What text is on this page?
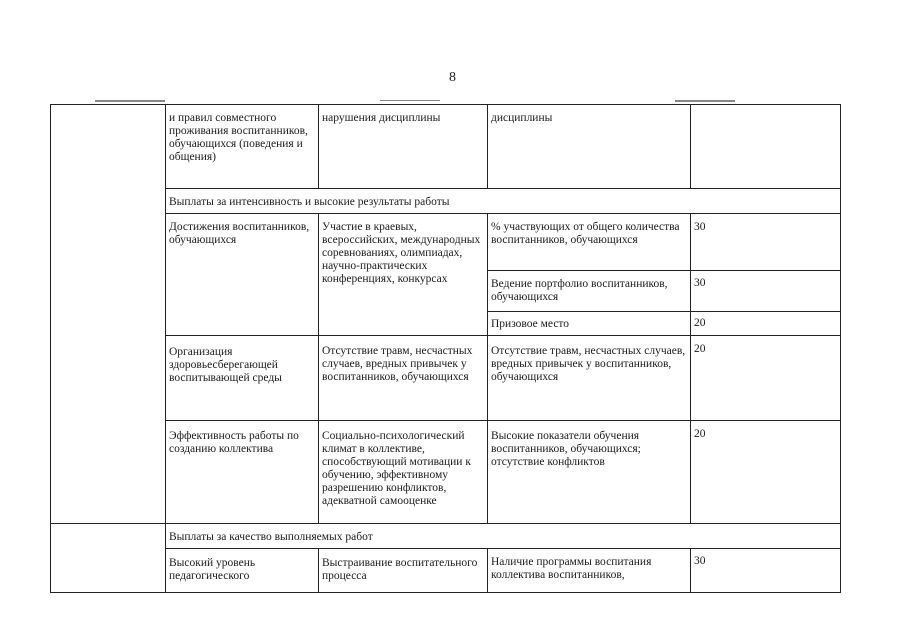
8
и правил совместного проживания воспитанников, обучающихся (поведения и общения)
нарушения дисциплины	дисциплины
Выплаты за интенсивность и высокие результаты работы
Достижения воспитанников, обучающихся
Участие в краевых, всероссийских, международных соревнованиях, олимпиадах, научно-практических конференциях, конкурсах
% участвующих от общего количества воспитанников, обучающихся
30
Ведение портфолио воспитанников, обучающихся
30
Призовое место	20
Организация здоровьесберегающей воспитывающей среды
Отсутствие травм, несчастных случаев, вредных привычек у воспитанников, обучающихся
Отсутствие травм, несчастных случаев, вредных привычек у воспитанников, обучающихся
20
Эффективность работы по созданию коллектива
Социально-психологический климат в коллективе, способствующий мотивации к обучению, эффективному разрешению конфликтов, адекватной самооценке
Высокие показатели обучения воспитанников, обучающихся; отсутствие конфликтов
20
Выплаты за качество выполняемых работ
Высокий уровень педагогического
Выстраивание воспитательного процесса
Наличие программы воспитания коллектива воспитанников,
30
